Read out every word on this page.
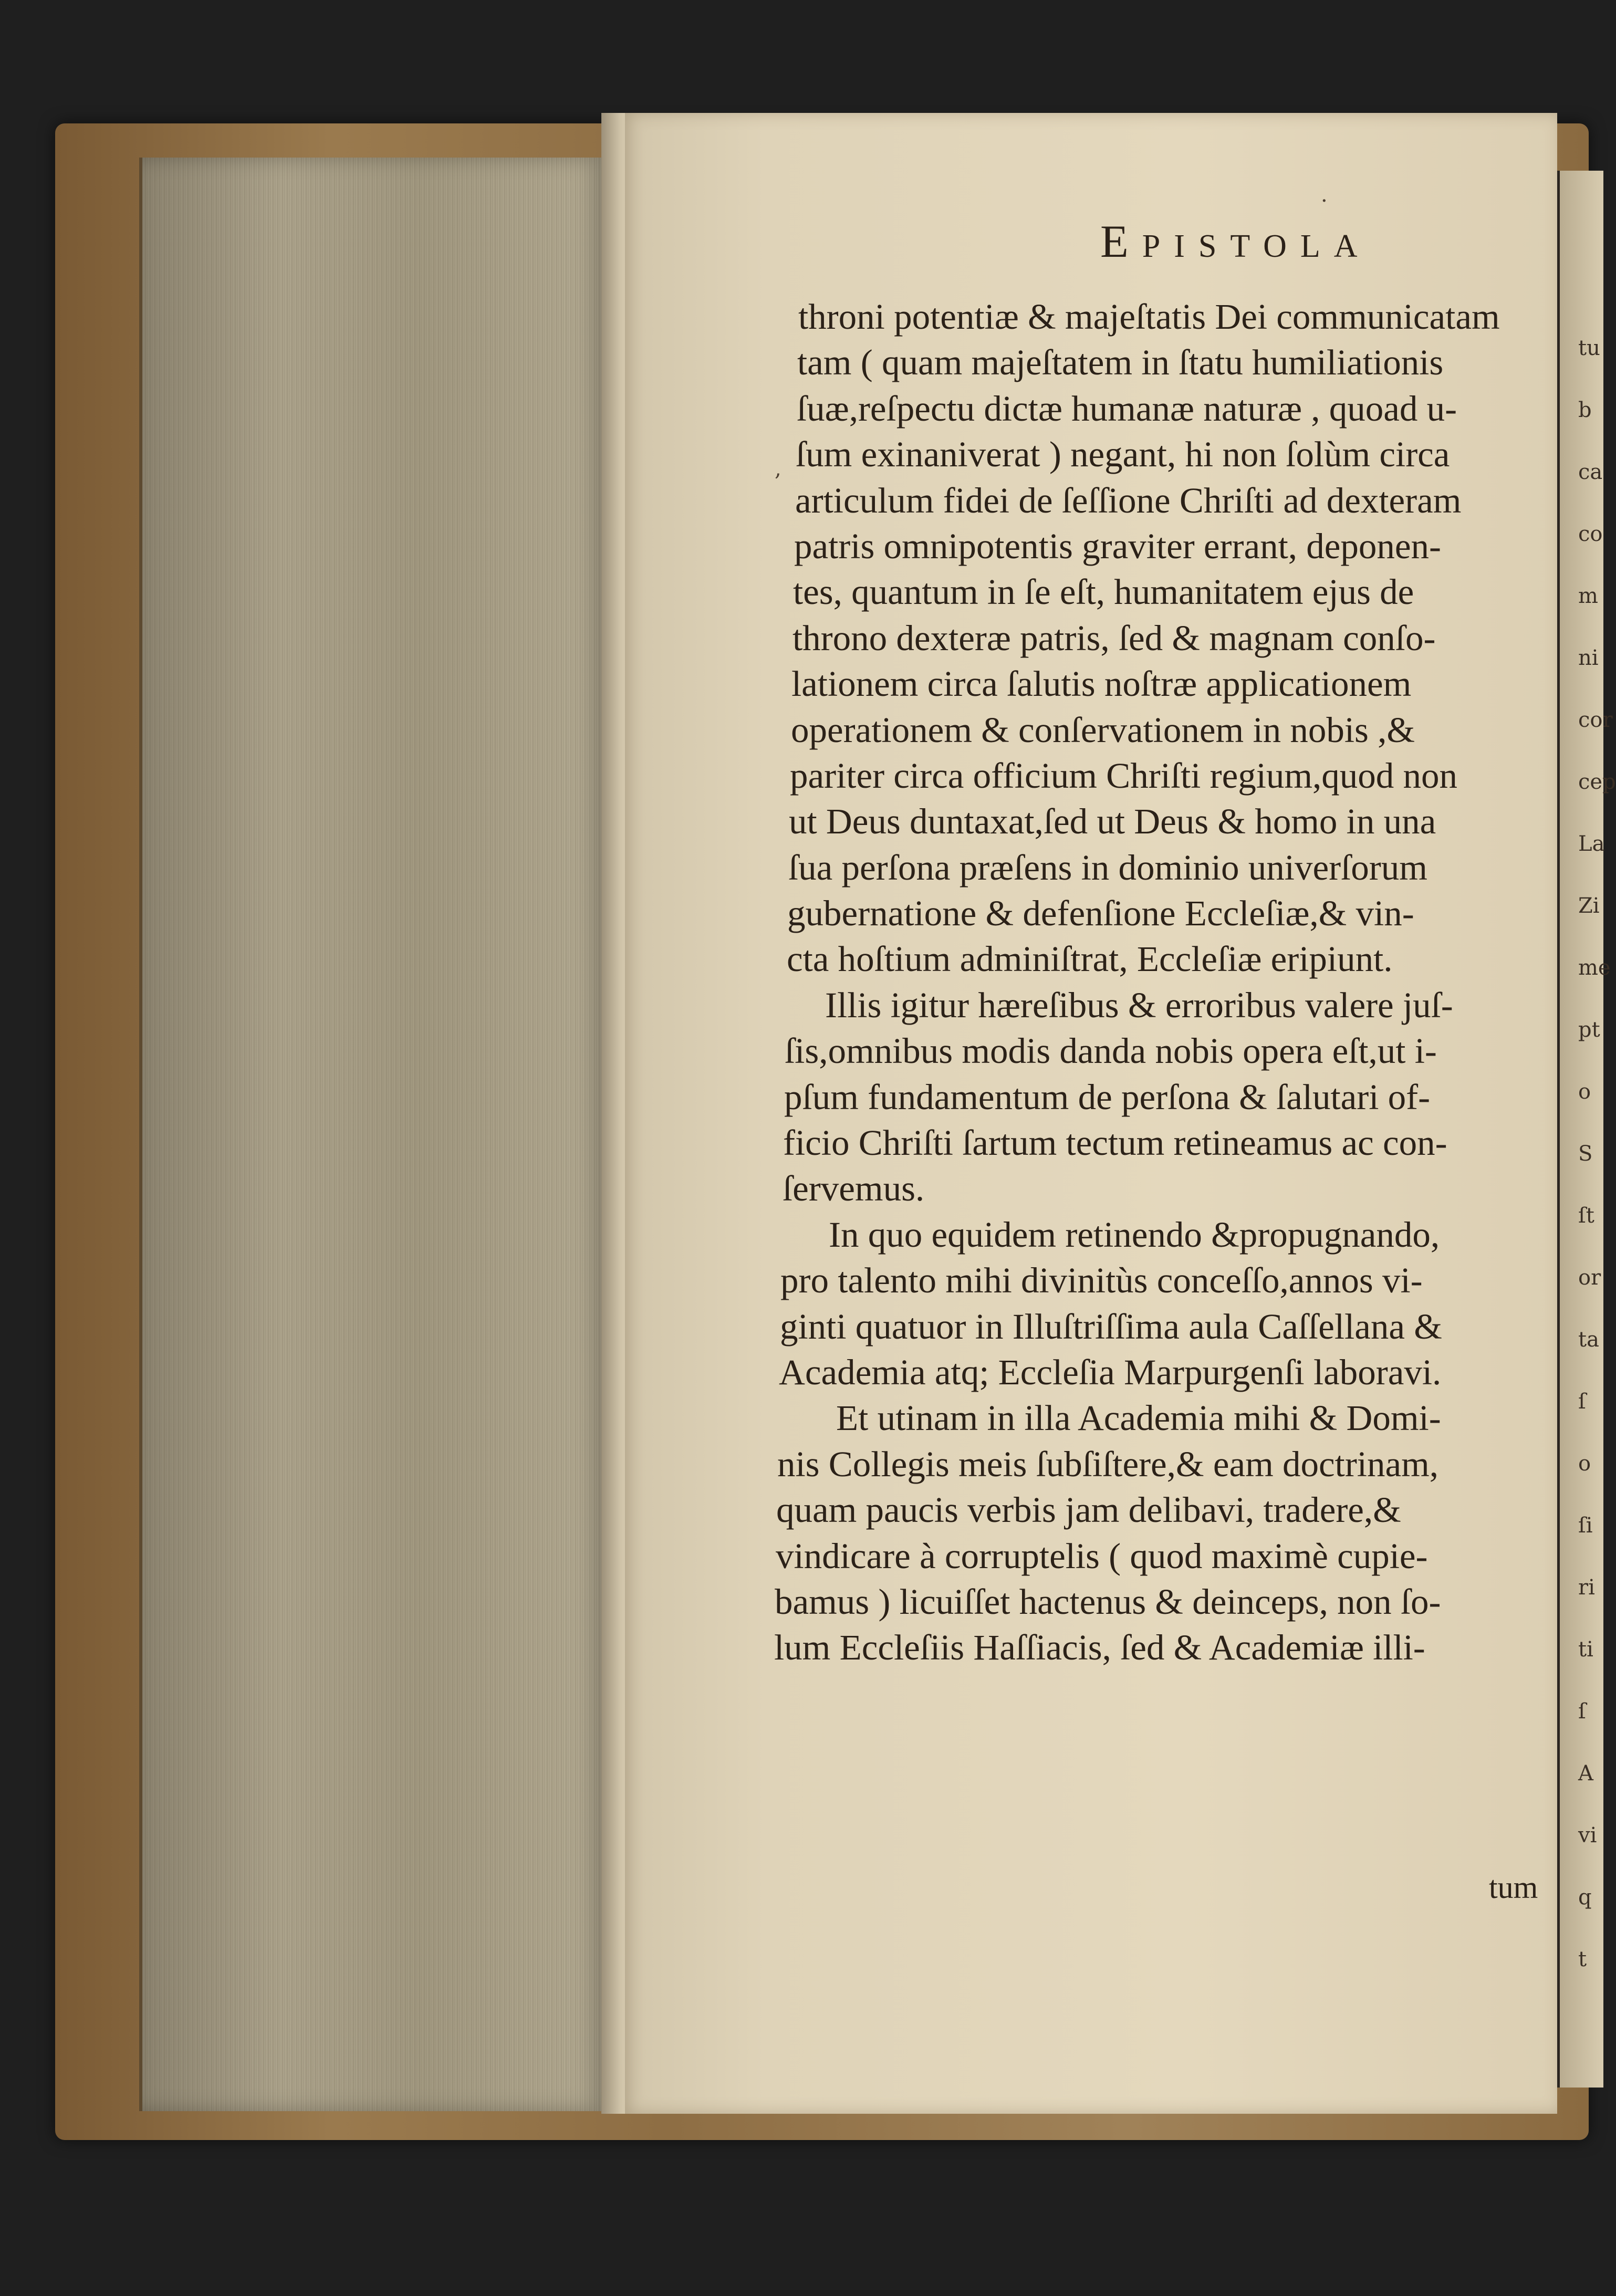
tu
b
ca
co
m
ni
cor
cep
La
Zi
me
pt
o
S
ſt
or
ta
ſ
o
ſi
ri
ti
ſ
A
vi
q
t
Epistola
throni potentiæ & majeſtatis Dei communicatam
tam ( quam majeſtatem in ſtatu humiliationis
ſuæ,reſpectu dictæ humanæ naturæ , quoad u-
ſum exinaniverat ) negant, hi non ſolùm circa
articulum fidei de ſeſſione Chriſti ad dexteram
patris omnipotentis graviter errant, deponen-
tes, quantum in ſe eſt, humanitatem ejus de
throno dexteræ patris, ſed & magnam conſo-
lationem circa ſalutis noſtræ applicationem
operationem & conſervationem in nobis ,&
pariter circa officium Chriſti regium,quod non
ut Deus duntaxat,ſed ut Deus & homo in una
ſua perſona præſens in dominio univerſorum
gubernatione & defenſione Eccleſiæ,& vin-
cta hoſtium adminiſtrat, Eccleſiæ eripiunt.
Illis igitur hæreſibus & erroribus valere juſ-
ſis,omnibus modis danda nobis opera eſt,ut i-
pſum fundamentum de perſona & ſalutari of-
ficio Chriſti ſartum tectum retineamus ac con-
ſervemus.
In quo equidem retinendo &propugnando,
pro talento mihi divinitùs conceſſo,annos vi-
ginti quatuor in Illuſtriſſima aula Caſſellana &
Academia atq; Eccleſia Marpurgenſi laboravi.
Et utinam in illa Academia mihi & Domi-
nis Collegis meis ſubſiſtere,& eam doctrinam,
quam paucis verbis jam delibavi, tradere,&
vindicare à corruptelis ( quod maximè cupie-
bamus ) licuiſſet hactenus & deinceps, non ſo-
lum Eccleſiis Haſſiacis, ſed & Academiæ illi-
tum
,
·
